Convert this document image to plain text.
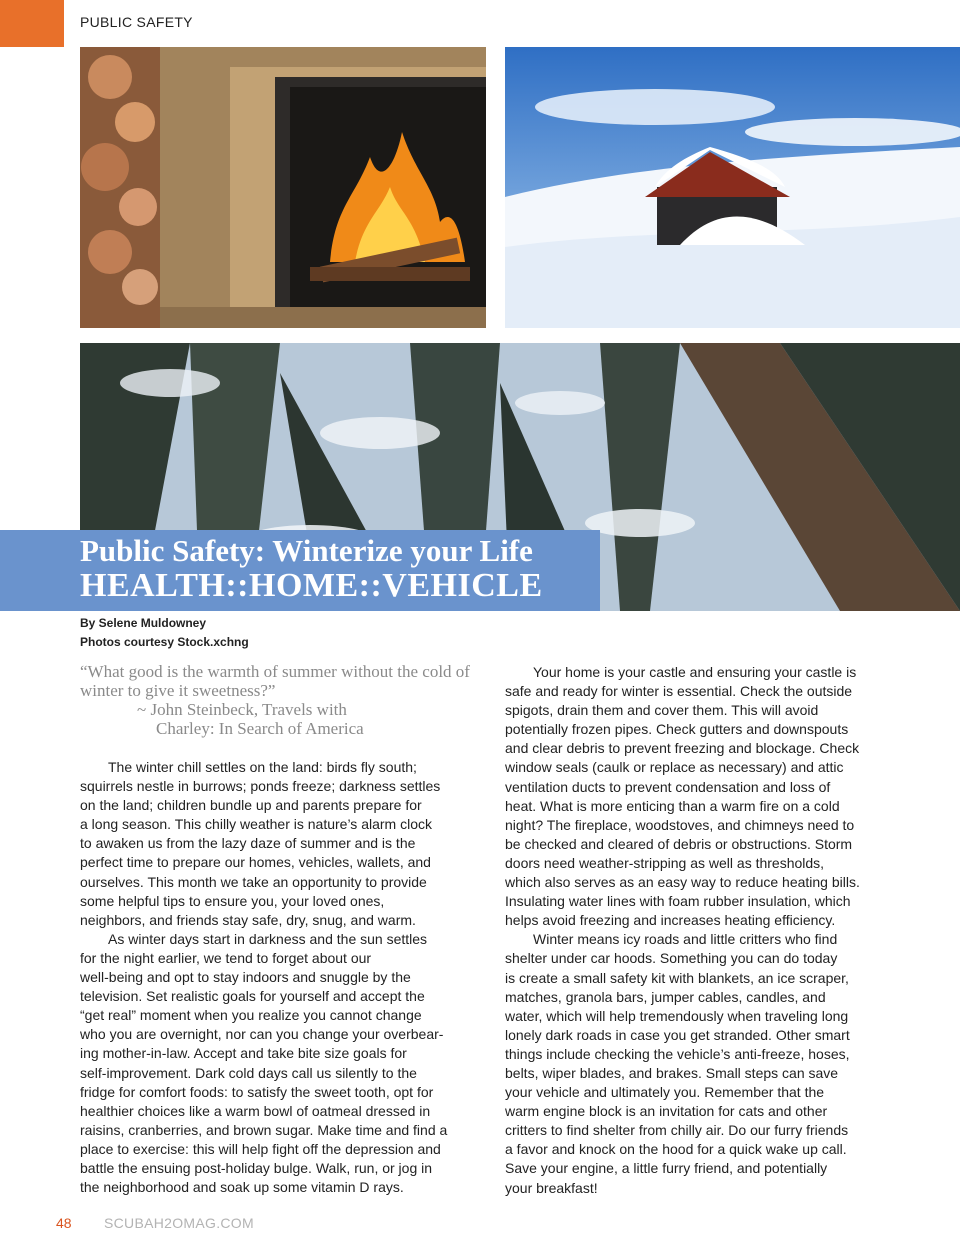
PUBLIC SAFETY
Public Safety: Winterize your Life
HEALTH::HOME::VEHICLE
By Selene Muldowney
Photos courtesy Stock.xchng
“What good is the warmth of summer without the cold of winter to give it sweetness?”
~ John Steinbeck, Travels with
Charley: In Search of America

The winter chill settles on the land: birds fly south;
squirrels nestle in burrows; ponds freeze; darkness settles
on the land; children bundle up and parents prepare for
a long season. This chilly weather is nature’s alarm clock
to awaken us from the lazy daze of summer and is the
perfect time to prepare our homes, vehicles, wallets, and
ourselves. This month we take an opportunity to provide
some helpful tips to ensure you, your loved ones,
neighbors, and friends stay safe, dry, snug, and warm.

As winter days start in darkness and the sun settles
for the night earlier, we tend to forget about our
well-being and opt to stay indoors and snuggle by the
television. Set realistic goals for yourself and accept the
“get real” moment when you realize you cannot change
who you are overnight, nor can you change your overbear-
ing mother-in-law. Accept and take bite size goals for
self-improvement. Dark cold days call us silently to the
fridge for comfort foods: to satisfy the sweet tooth, opt for
healthier choices like a warm bowl of oatmeal dressed in
raisins, cranberries, and brown sugar. Make time and find a
place to exercise: this will help fight off the depression and
battle the ensuing post-holiday bulge. Walk, run, or jog in
the neighborhood and soak up some vitamin D rays.

Your home is your castle and ensuring your castle is
safe and ready for winter is essential. Check the outside
spigots, drain them and cover them. This will avoid
potentially frozen pipes. Check gutters and downspouts
and clear debris to prevent freezing and blockage. Check
window seals (caulk or replace as necessary) and attic
ventilation ducts to prevent condensation and loss of
heat. What is more enticing than a warm fire on a cold
night? The fireplace, woodstoves, and chimneys need to
be checked and cleared of debris or obstructions. Storm
doors need weather-stripping as well as thresholds,
which also serves as an easy way to reduce heating bills.
Insulating water lines with foam rubber insulation, which
helps avoid freezing and increases heating efficiency.

Winter means icy roads and little critters who find
shelter under car hoods. Something you can do today
is create a small safety kit with blankets, an ice scraper,
matches, granola bars, jumper cables, candles, and
water, which will help tremendously when traveling long
lonely dark roads in case you get stranded. Other smart
things include checking the vehicle’s anti-freeze, hoses,
belts, wiper blades, and brakes. Small steps can save
your vehicle and ultimately you. Remember that the
warm engine block is an invitation for cats and other
critters to find shelter from chilly air. Do our furry friends
a favor and knock on the hood for a quick wake up call.
Save your engine, a little furry friend, and potentially
your breakfast!

48 SCUBAH2OMAG.COM
